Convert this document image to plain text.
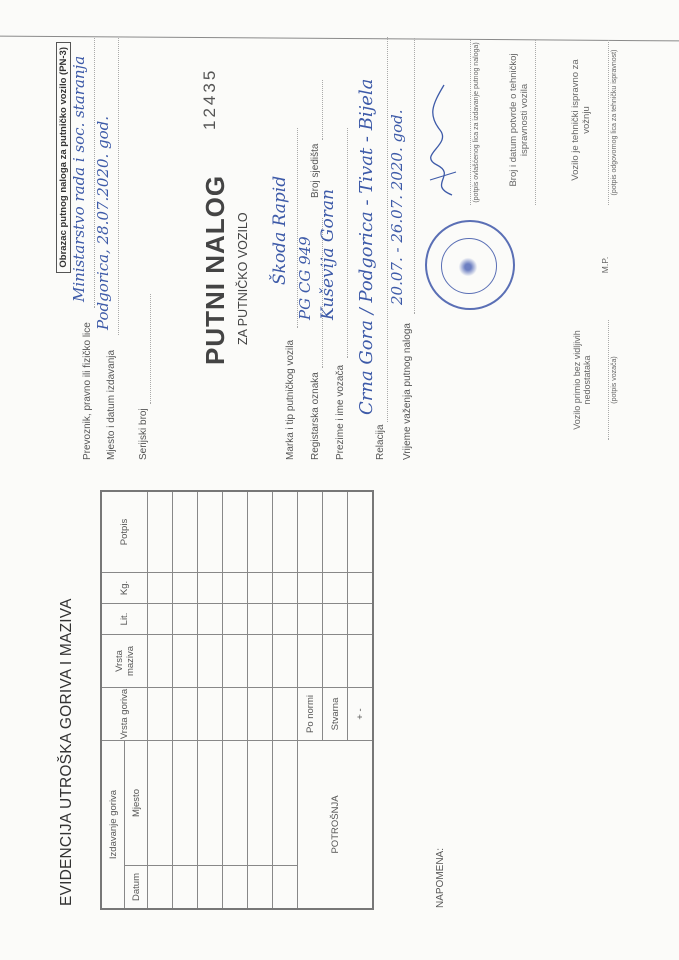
EVIDENCIJA UTROŠKA GORIVA I MAZIVA	Izdavanje goriva		Vrsta goriva	Vrsta maziva	Lit.	Kg.	Potpis
Datum	Mjesto					

POTROŠNJA		Po normi				
		Stvarna				
		+ -				
NAPOMENA:
Obrazac putnog naloga za putničko vozilo (PN-3)
Prevoznik, pravno ili fizičko lice
Ministarstvo rada i soc. staranja
Mjesto i datum izdavanja
Podgorica, 28.07.2020. god.
Serijski broj
PUTNI NALOG ZA PUTNIČKO VOZILO
12435
Marka i tip putničkog vozila
Škoda Rapid
Registarska oznaka
PG CG 949
Broj sjedišta
Prezime i ime vozača
Kuševija Goran
Relacija
Crna Gora / Podgorica - Tivat - Bijela	Vrijeme važenja putnog naloga
20.07. - 26.07. 2020. god.	(potpis ovlašćenog lica za izdavanje putnog naloga)	Broj i datum potvrde o tehničkoj ispravnosti vozila	Vozilo je tehnički ispravno za vožnju	(potpis odgovornog lica za tehničku ispravnost)
Vozilo primio bez vidljivih nedostataka	(potpis vozača)
M.P.
